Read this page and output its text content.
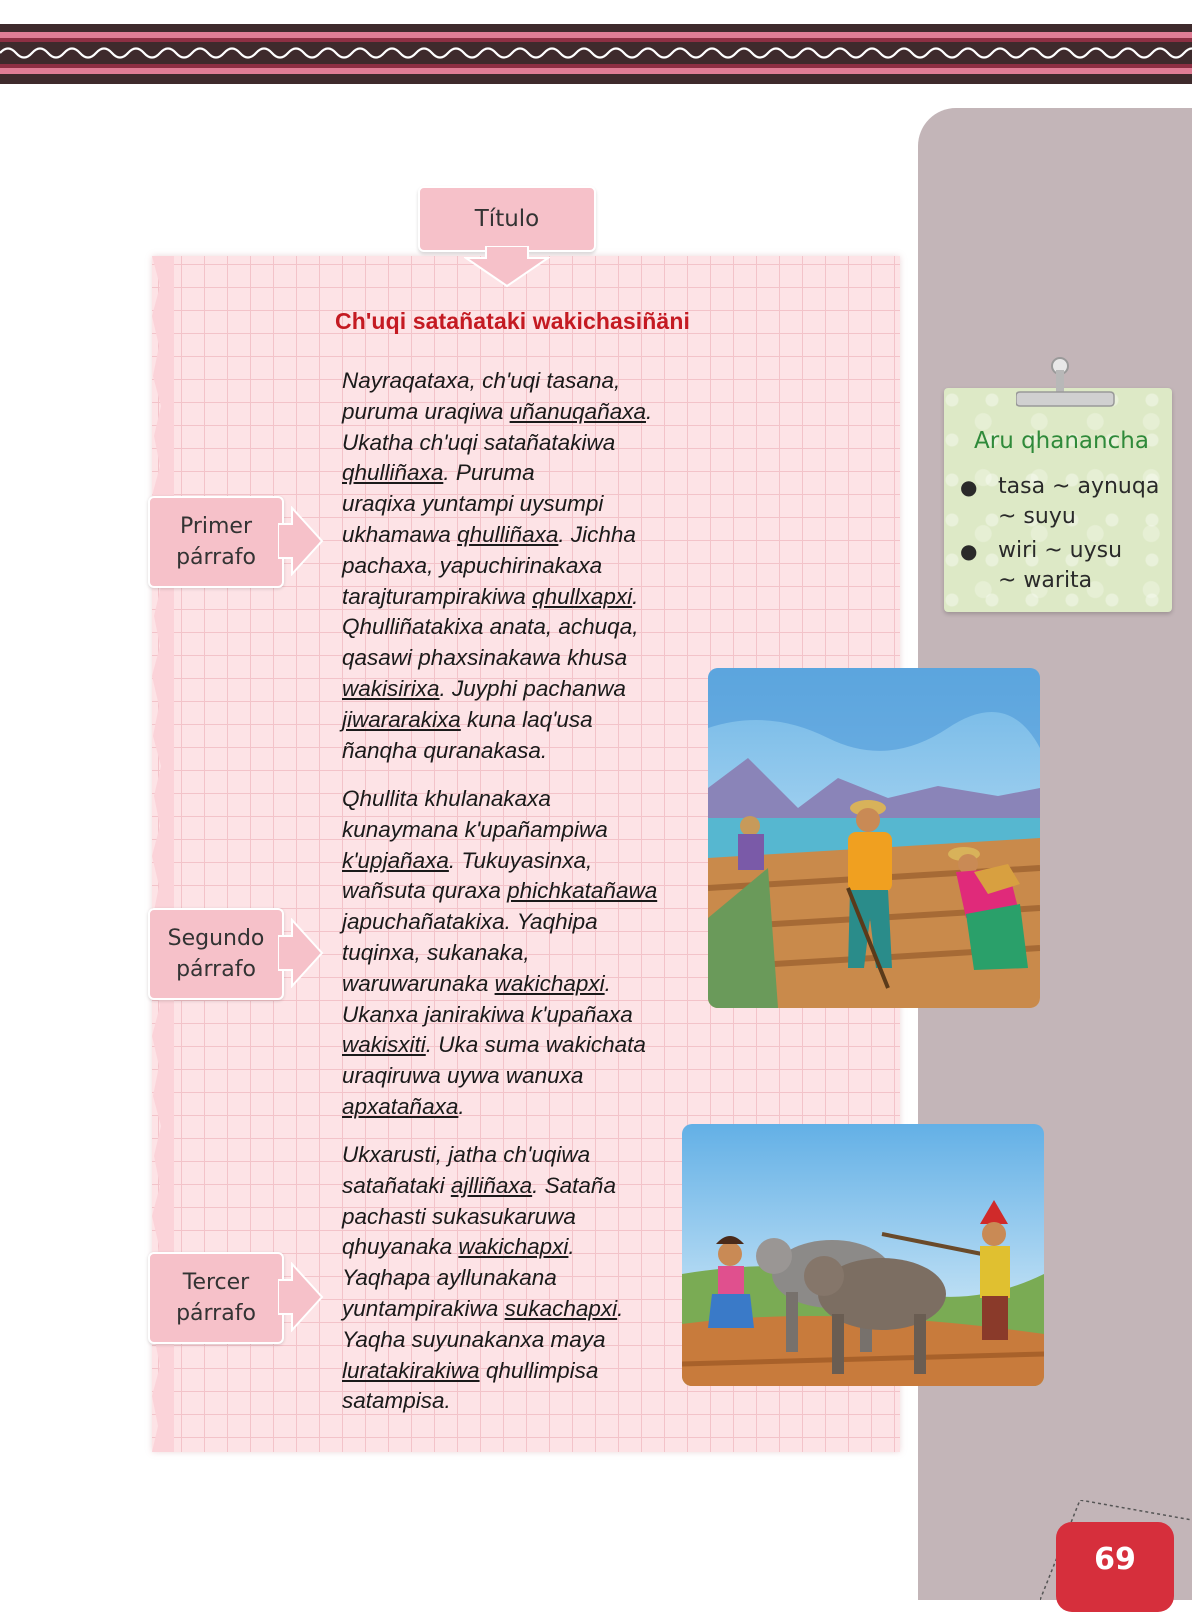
Título
Ch'uqi satañataki wakichasiñäni

Nayraqataxa, ch'uqi tasana,
puruma uraqiwa uñanuqañaxa.
Ukatha ch'uqi satañatakiwa
qhulliñaxa. Puruma
uraqixa yuntampi uysumpi
ukhamawa qhulliñaxa. Jichha
pachaxa, yapuchirinakaxa
tarajturampirakiwa qhullxapxi.
Qhulliñatakixa anata, achuqa,
qasawi phaxsinakawa khusa
wakisirixa. Juyphi pachanwa
jiwararakixa kuna laq'usa
ñanqha quranakasa.

Qhullita khulanakaxa
kunaymana k'upañampiwa
k'upjañaxa. Tukuyasinxa,
wañsuta quraxa phichkatañawa
japuchañatakixa. Yaqhipa
tuqinxa, sukanaka,
waruwarunaka wakichapxi.
Ukanxa janirakiwa k'upañaxa
wakisxiti. Uka suma wakichata
uraqiruwa uywa wanuxa
apxatañaxa.

Ukxarusti, jatha ch'uqiwa
satañataki ajlliñaxa. Sataña
pachasti sukasukaruwa
qhuyanaka wakichapxi.
Yaqhapa ayllunakana
yuntampirakiwa sukachapxi.
Yaqha suyunakanxa maya
luratakirakiwa qhullimpisa
satampisa.

Primer
párrafo
Segundo
párrafo
Tercer
párrafo
Aru qhanancha
● tasa ~ aynuqa
~ suyu
● wiri ~ uysu
~ warita
69
